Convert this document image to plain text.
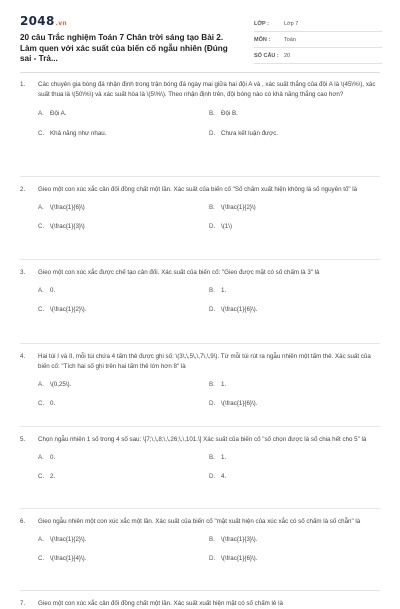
2048.vn
20 câu Trắc nghiệm Toán 7 Chân trời sáng tạo Bài 2. Làm quen với xác suất của biến cố ngẫu nhiên (Đúng sai - Trả...
LỚP :	Lớp 7
MÔN :	Toán
SỐ CÂU : 20
1.	Các chuyên gia bóng đá nhận định trong trận bóng đá ngày mai giữa hai đội A và , xác suất thắng của đội A là \(45\%\), xác suất thua là \(50\%\) và xác suất hòa là \(5\%\). Theo nhận định trên, đội bóng nào có khả năng thắng cao hơn?
A. Đội A.	B. Đội B.
C. Khả năng như nhau.	D. Chưa kết luận được.
2.	Gieo một con xúc xắc cân đối đồng chất một lần. Xác suất của biến cố "Số chấm xuất hiện không là số nguyên tố" là
A. \(\frac{1}{6}\)	B. \(\frac{1}{2}\)
C. \(\frac{1}{3}\)	D. \(1\)
3.	Gieo một con xúc xắc được chế tạo cân đối. Xác suất của biến cố: "Gieo được mặt có số chấm là 3" là
A. 0.	B. 1.
C. \(\frac{1}{2}\).	D. \(\frac{1}{6}\).
4.	Hai túi I và II, mỗi túi chứa 4 tấm thẻ được ghi số: \(3\,\,5\,\,7\,\,9\). Từ mỗi túi rút ra ngẫu nhiên một tấm thẻ. Xác suất của biến cố: "Tích hai số ghi trên hai tấm thẻ lớn hơn 8" là
A. \(0,25\).	B. 1.
C. 0.	D. \(\frac{1}{6}\).
5.	Chọn ngẫu nhiên 1 số trong 4 số sau: \[7;\,\,8;\,\,26;\,\,101.\] Xác suất của biến cố "số chọn được là số chia hết cho 5" là
A. 0.	B. 1.
C. 2.	D. 4.
6.	Gieo ngẫu nhiên một con xúc xắc một lần. Xác suất của biến cố "mặt xuất hiện của xúc xắc có số chấm là số chẵn" là
A. \(\frac{1}{2}\).	B. \(\frac{1}{3}\).
C. \(\frac{1}{4}\).	D. \(\frac{1}{6}\).
7.	Gieo một con xúc xắc cân đối đồng chất một lần. Xác suất xuất hiện mặt có số chấm lẻ là
